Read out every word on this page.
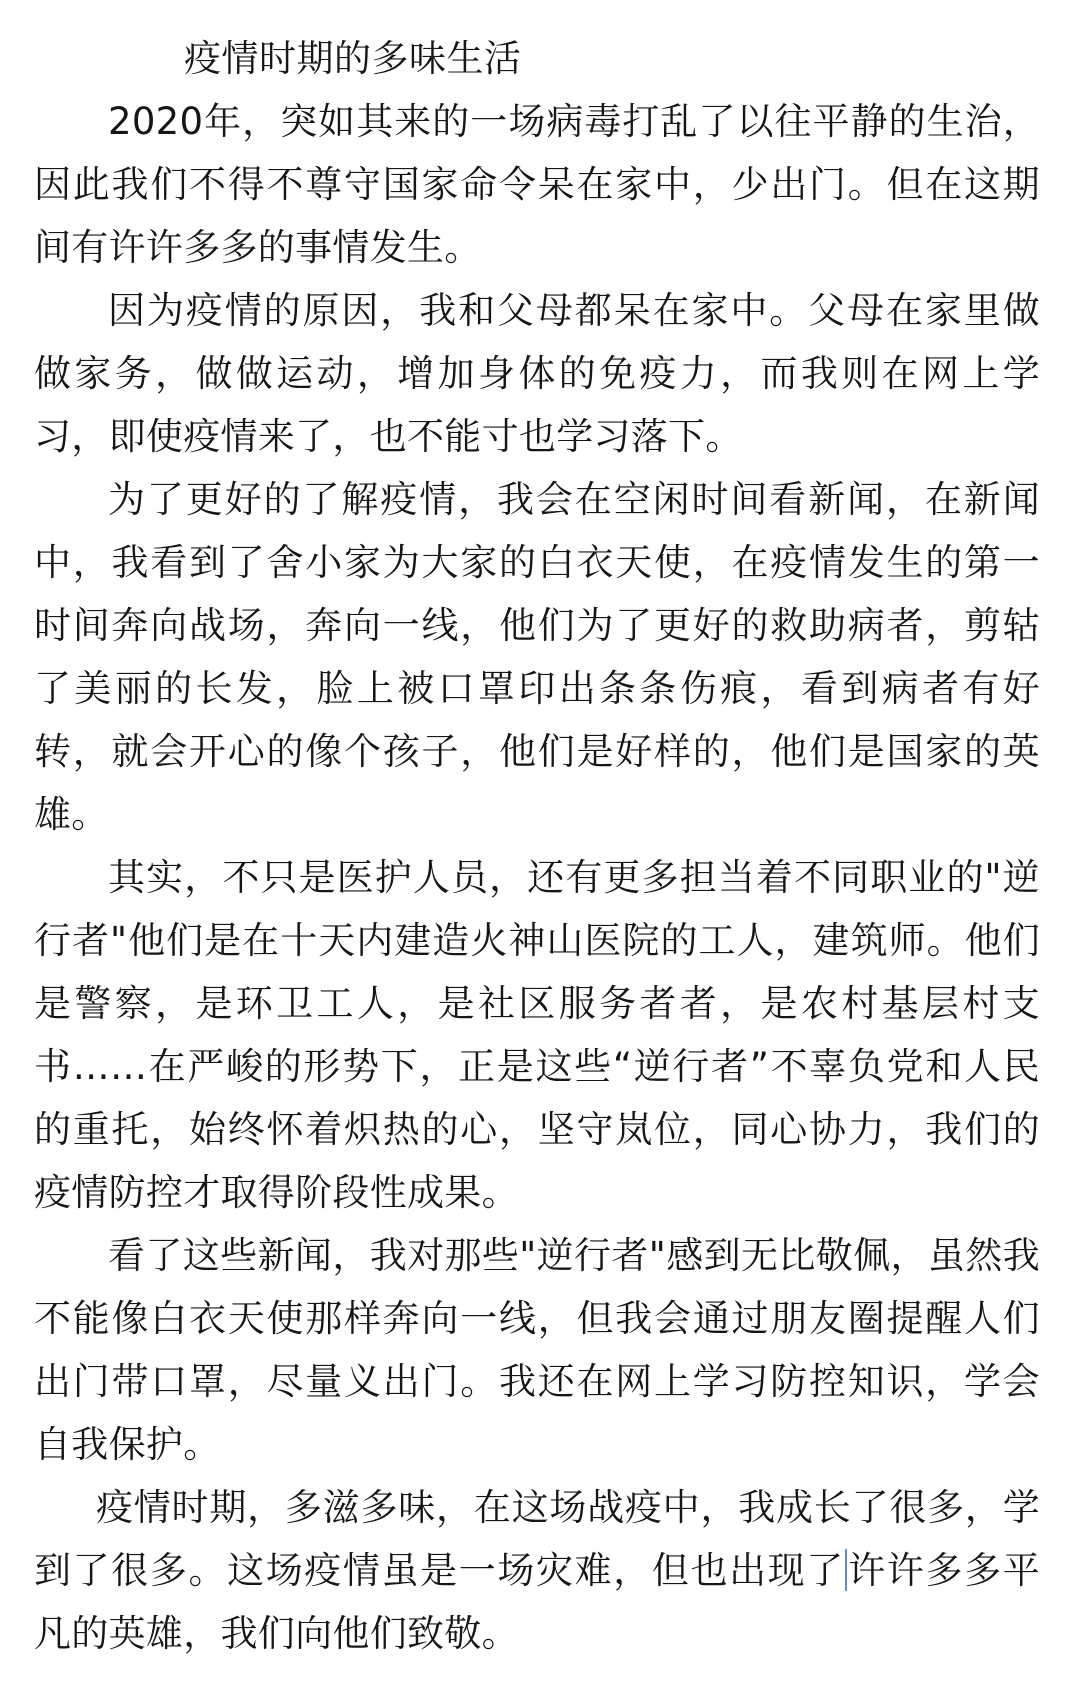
疫情时期的多味生活

2020年，突如其来的一场病毒打乱了以往平静的生治，因此我们不得不尊守国家命令呆在家中，少出门。但在这期间有许许多多的事情发生。

因为疫情的原因，我和父母都呆在家中。父母在家里做做家务，做做运动，增加身体的免疫力，而我则在网上学习，即使疫情来了，也不能寸也学习落下。

为了更好的了解疫情，我会在空闲时间看新闻，在新闻中，我看到了舍小家为大家的白衣天使，在疫情发生的第一时间奔向战场，奔向一线，他们为了更好的救助病者，剪轱了美丽的长发，脸上被口罩印出条条伤痕，看到病者有好转，就会开心的像个孩子，他们是好样的，他们是国家的英雄。

其实，不只是医护人员，还有更多担当着不同职业的"逆行者"他们是在十天内建造火神山医院的工人，建筑师。他们是警察，是环卫工人，是社区服务者者，是农村基层村支书……在严峻的形势下，正是这些“逆行者”不辜负党和人民的重托，始终怀着炽热的心，坚守岚位，同心协力，我们的疫情防控才取得阶段性成果。

看了这些新闻，我对那些"逆行者"感到无比敬佩，虽然我不能像白衣天使那样奔向一线，但我会通过朋友圈提醒人们出门带口罩，尽量义出门。我还在网上学习防控知识，学会自我保护。

疫情时期，多滋多味，在这场战疫中，我成长了很多，学到了很多。这场疫情虽是一场灾难，但也出现了许许多多平凡的英雄，我们向他们致敬。
